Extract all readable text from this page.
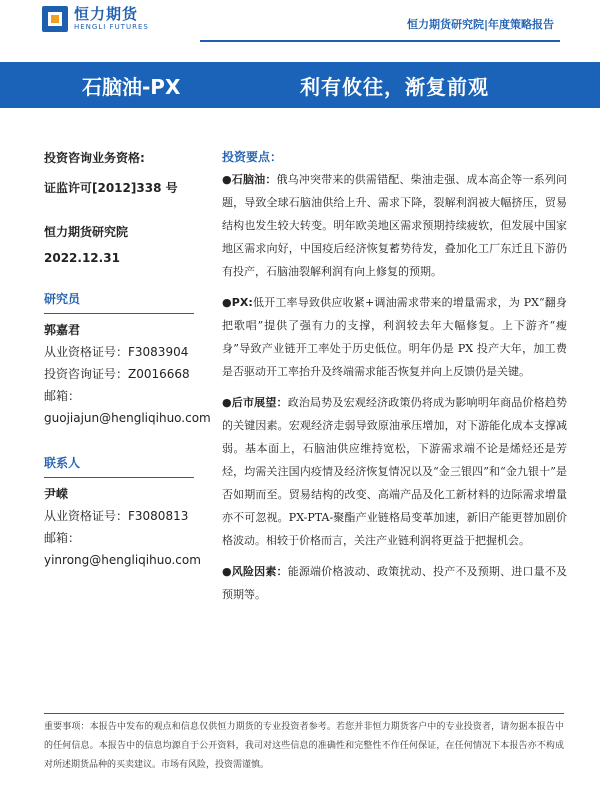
恒力期货
HENGLI FUTURES	恒力期货研究院|年度策略报告
石脑油-PX	利有攸往，渐复前观
投资咨询业务资格:
证监许可[2012]338 号
恒力期货研究院
2022.12.31
研究员
郭嘉君
从业资格证号：F3083904
投资咨询证号：Z0016668
邮箱：
guojiajun@hengliqihuo.com
联系人
尹嵘
从业资格证号：F3080813
邮箱：
yinrong@hengliqihuo.com
投资要点：

●石脑油：俄乌冲突带来的供需错配、柴油走强、成本高企等一系列问题，导致全球石脑油供给上升、需求下降，裂解利润被大幅挤压，贸易结构也发生较大转变。明年欧美地区需求预期持续疲软，但发展中国家地区需求向好，中国疫后经济恢复蓄势待发，叠加化工厂东迁且下游仍有投产，石脑油裂解利润有向上修复的预期。

●PX:低开工率导致供应收紧+调油需求带来的增量需求，为 PX“翻身把歌唱”提供了强有力的支撑，利润较去年大幅修复。上下游齐“瘦身”导致产业链开工率处于历史低位。明年仍是 PX 投产大年，加工费是否驱动开工率抬升及终端需求能否恢复并向上反馈仍是关键。

●后市展望：政治局势及宏观经济政策仍将成为影响明年商品价格趋势的关键因素。宏观经济走弱导致原油承压增加，对下游能化成本支撑减弱。基本面上，石脑油供应维持宽松，下游需求端不论是烯烃还是芳烃，均需关注国内疫情及经济恢复情况以及“金三银四”和“金九银十”是否如期而至。贸易结构的改变、高端产品及化工新材料的边际需求增量亦不可忽视。PX-PTA-聚酯产业链格局变革加速，新旧产能更替加剧价格波动。相较于价格而言，关注产业链利润将更益于把握机会。

●风险因素：能源端价格波动、政策扰动、投产不及预期、进口量不及预期等。

重要事项：本报告中发布的观点和信息仅供恒力期货的专业投资者参考。若您并非恒力期货客户中的专业投资者，请勿据本报告中的任何信息。本报告中的信息均源自于公开资料，我司对这些信息的准确性和完整性不作任何保证，在任何情况下本报告亦不构成对所述期货品种的买卖建议。市场有风险，投资需谨慎。
